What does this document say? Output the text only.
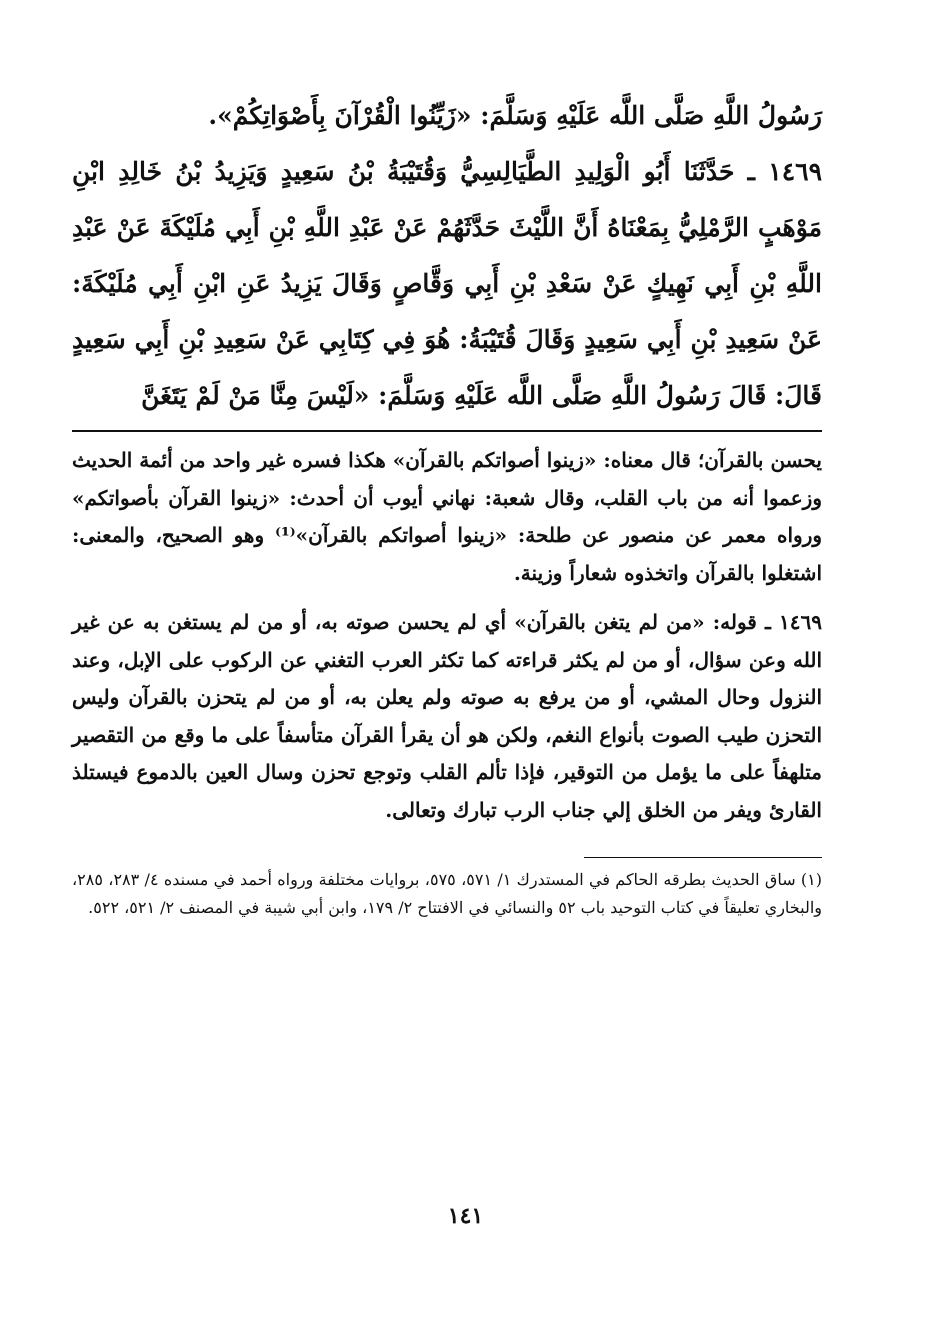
رَسُولُ اللَّهِ صَلَّى اللَّه عَلَيْهِ وَسَلَّمَ: «زَيِّنُوا الْقُرْآنَ بِأَصْوَاتِكُمْ».

١٤٦٩ ـ حَدَّثَنَا أَبُو الْوَلِيدِ الطَّيَالِسِيُّ وَقُتَيْبَةُ بْنُ سَعِيدٍ وَيَزِيدُ بْنُ خَالِدِ ابْنِ مَوْهَبٍ الرَّمْلِيُّ بِمَعْنَاهُ أَنَّ اللَّيْثَ حَدَّثَهُمْ عَنْ عَبْدِ اللَّهِ بْنِ أَبِي مُلَيْكَةَ عَنْ عَبْدِ اللَّهِ بْنِ أَبِي نَهِيكٍ عَنْ سَعْدِ بْنِ أَبِي وَقَّاصٍ وَقَالَ يَزِيدُ عَنِ ابْنِ أَبِي مُلَيْكَةَ: عَنْ سَعِيدِ بْنِ أَبِي سَعِيدٍ وَقَالَ قُتَيْبَةُ: هُوَ فِي كِتَابِي عَنْ سَعِيدِ بْنِ أَبِي سَعِيدٍ قَالَ: قَالَ رَسُولُ اللَّهِ صَلَّى اللَّه عَلَيْهِ وَسَلَّمَ: «لَيْسَ مِنَّا مَنْ لَمْ يَتَغَنَّ

يحسن بالقرآن؛ قال معناه: «زينوا أصواتكم بالقرآن» هكذا فسره غير واحد من أئمة الحديث وزعموا أنه من باب القلب، وقال شعبة: نهاني أيوب أن أحدث: «زينوا القرآن بأصواتكم» ورواه معمر عن منصور عن طلحة: «زينوا أصواتكم بالقرآن»⁽¹⁾ وهو الصحيح، والمعنى: اشتغلوا بالقرآن واتخذوه شعاراً وزينة.

١٤٦٩ ـ قوله: «من لم يتغن بالقرآن» أي لم يحسن صوته به، أو من لم يستغن به عن غير الله وعن سؤال، أو من لم يكثر قراءته كما تكثر العرب التغني عن الركوب على الإبل، وعند النزول وحال المشي، أو من يرفع به صوته ولم يعلن به، أو من لم يتحزن بالقرآن وليس التحزن طيب الصوت بأنواع النغم، ولكن هو أن يقرأ القرآن متأسفاً على ما وقع من التقصير متلهفاً على ما يؤمل من التوقير، فإذا تألم القلب وتوجع تحزن وسال العين بالدموع فيستلذ القارئ ويفر من الخلق إلي جناب الرب تبارك وتعالى.

(١) ساق الحديث بطرقه الحاكم في المستدرك ١/ ٥٧١، ٥٧٥، بروايات مختلفة ورواه أحمد في مسنده ٤/ ٢٨٣، ٢٨٥، والبخاري تعليقاً في كتاب التوحيد باب ٥٢ والنسائي في الافتتاح ٢/ ١٧٩، وابن أبي شيبة في المصنف ٢/ ٥٢١، ٥٢٢.

١٤١
